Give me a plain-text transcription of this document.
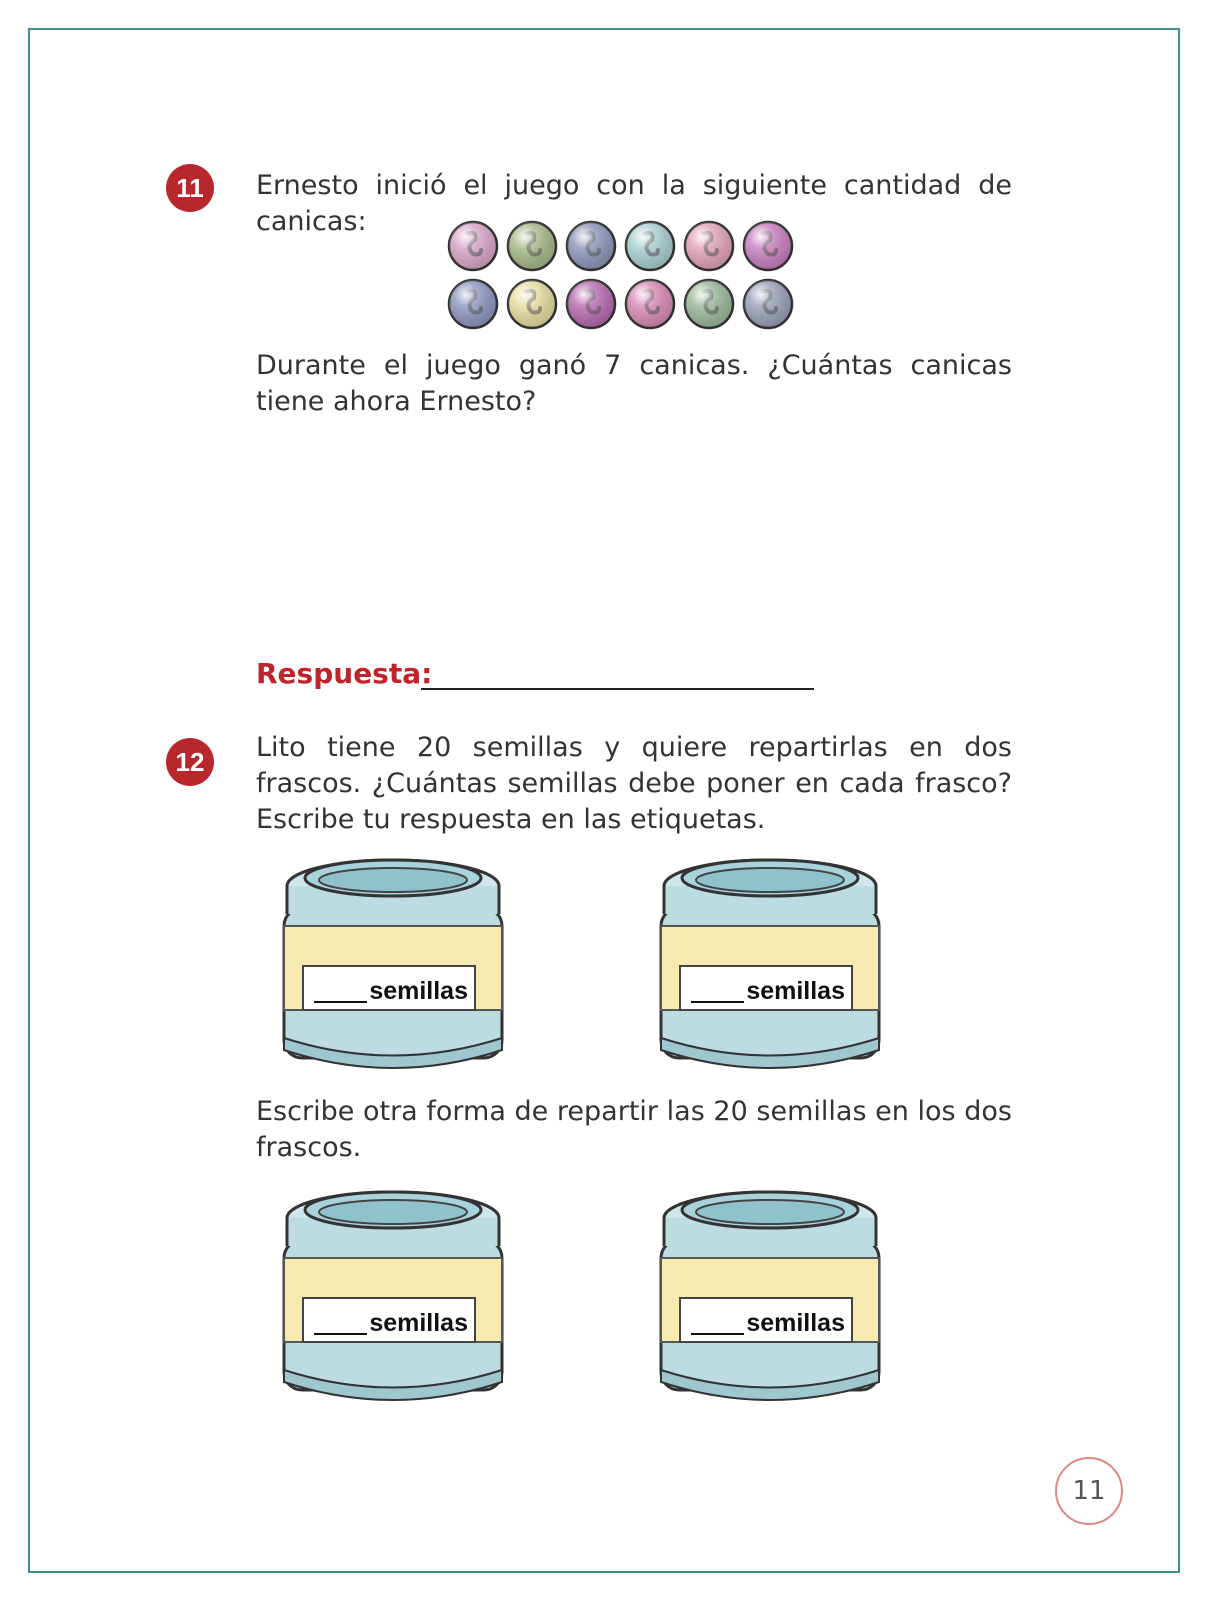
11	Ernesto inició el juego con la siguiente cantidad de canicas:
Durante el juego ganó 7 canicas. ¿Cuántas canicas tiene ahora Ernesto?
Respuesta:
12	Lito tiene 20 semillas y quiere repartirlas en dos frascos. ¿Cuántas semillas debe poner en cada frasco? Escribe tu respuesta en las etiquetas.
semillas	semillas
Escribe otra forma de repartir las 20 semillas en los dos frascos.
semillas	semillas
11
